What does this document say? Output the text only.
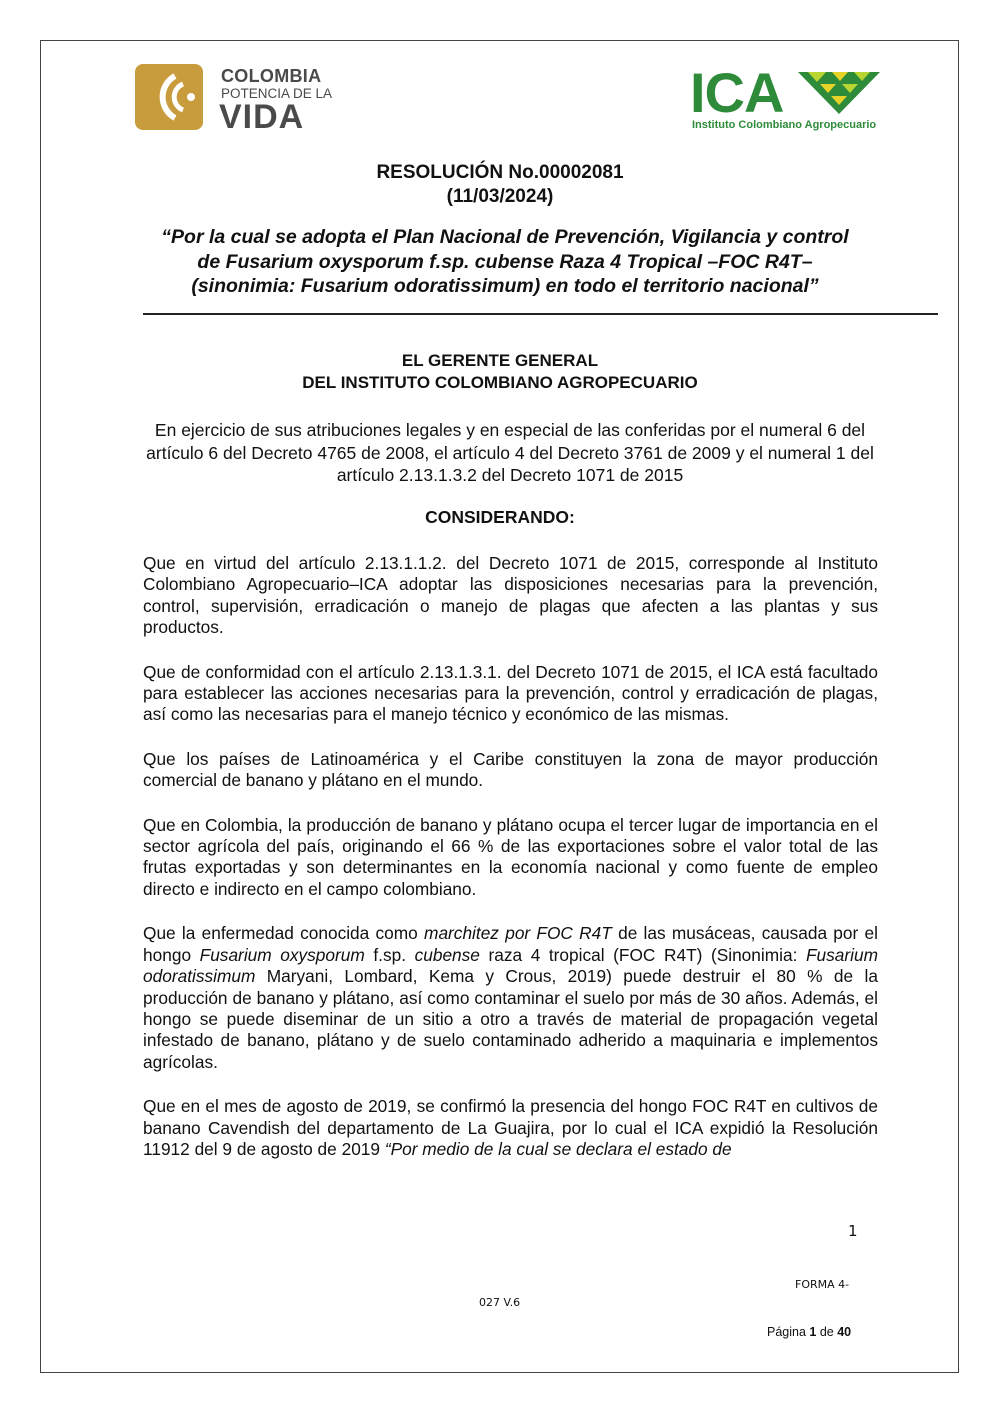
COLOMBIA
POTENCIA DE LA
VIDA	ICA
Instituto Colombiano Agropecuario
RESOLUCIÓN No.00002081
(11/03/2024)
“Por la cual se adopta el Plan Nacional de Prevención, Vigilancia y control
de Fusarium oxysporum f.sp. cubense Raza 4 Tropical –FOC R4T–
(sinonimia: Fusarium odoratissimum) en todo el territorio nacional”
EL GERENTE GENERAL
DEL INSTITUTO COLOMBIANO AGROPECUARIO
En ejercicio de sus atribuciones legales y en especial de las conferidas por el numeral 6 del artículo 6 del Decreto 4765 de 2008, el artículo 4 del Decreto 3761 de 2009 y el numeral 1 del artículo 2.13.1.3.2 del Decreto 1071 de 2015
CONSIDERANDO:

Que en virtud del artículo 2.13.1.1.2. del Decreto 1071 de 2015, corresponde al Instituto Colombiano Agropecuario–ICA adoptar las disposiciones necesarias para la prevención, control, supervisión, erradicación o manejo de plagas que afecten a las plantas y sus productos.

Que de conformidad con el artículo 2.13.1.3.1. del Decreto 1071 de 2015, el ICA está facultado para establecer las acciones necesarias para la prevención, control y erradicación de plagas, así como las necesarias para el manejo técnico y económico de las mismas.

Que los países de Latinoamérica y el Caribe constituyen la zona de mayor producción comercial de banano y plátano en el mundo.

Que en Colombia, la producción de banano y plátano ocupa el tercer lugar de importancia en el sector agrícola del país, originando el 66 % de las exportaciones sobre el valor total de las frutas exportadas y son determinantes en la economía nacional y como fuente de empleo directo e indirecto en el campo colombiano.

Que la enfermedad conocida como marchitez por FOC R4T de las musáceas, causada por el hongo Fusarium oxysporum f.sp. cubense raza 4 tropical (FOC R4T) (Sinonimia: Fusarium odoratissimum Maryani, Lombard, Kema y Crous, 2019) puede destruir el 80 % de la producción de banano y plátano, así como contaminar el suelo por más de 30 años. Además, el hongo se puede diseminar de un sitio a otro a través de material de propagación vegetal infestado de banano, plátano y de suelo contaminado adherido a maquinaria e implementos agrícolas.

Que en el mes de agosto de 2019, se confirmó la presencia del hongo FOC R4T en cultivos de banano Cavendish del departamento de La Guajira, por lo cual el ICA expidió la Resolución 11912 del 9 de agosto de 2019 “Por medio de la cual se declara el estado de

1
FORMA 4-
027 V.6
Página 1 de 40
